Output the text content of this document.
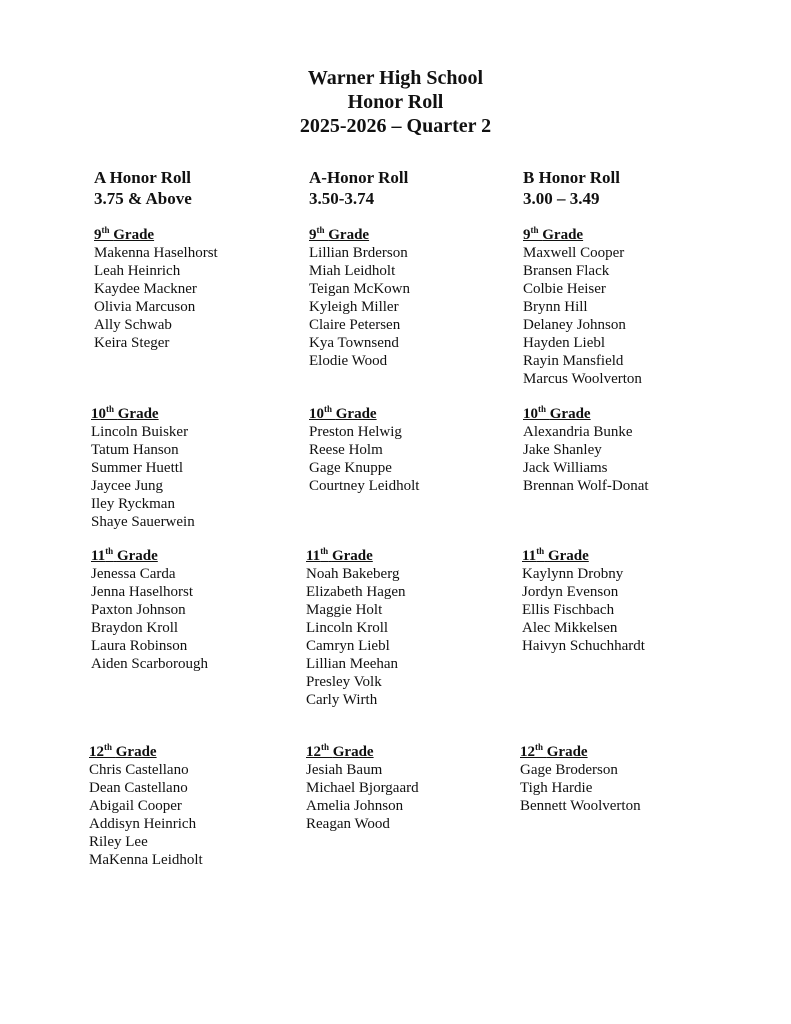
Warner High School
Honor Roll
2025-2026 – Quarter 2
A Honor Roll
3.75 & Above
9th Grade
Makenna Haselhorst
Leah Heinrich
Kaydee Mackner
Olivia Marcuson
Ally Schwab
Keira Steger
10th Grade
Lincoln Buisker
Tatum Hanson
Summer Huettl
Jaycee Jung
Iley Ryckman
Shaye Sauerwein
11th Grade
Jenessa Carda
Jenna Haselhorst
Paxton Johnson
Braydon Kroll
Laura Robinson
Aiden Scarborough
12th Grade
Chris Castellano
Dean Castellano
Abigail Cooper
Addisyn Heinrich
Riley Lee
MaKenna Leidholt
A-Honor Roll
3.50-3.74
9th Grade
Lillian Brderson
Miah Leidholt
Teigan McKown
Kyleigh Miller
Claire Petersen
Kya Townsend
Elodie Wood
10th Grade
Preston Helwig
Reese Holm
Gage Knuppe
Courtney Leidholt
11th Grade
Noah Bakeberg
Elizabeth Hagen
Maggie Holt
Lincoln Kroll
Camryn Liebl
Lillian Meehan
Presley Volk
Carly Wirth
12th Grade
Jesiah Baum
Michael Bjorgaard
Amelia Johnson
Reagan Wood
B Honor Roll
3.00 – 3.49
9th Grade
Maxwell Cooper
Bransen Flack
Colbie Heiser
Brynn Hill
Delaney Johnson
Hayden Liebl
Rayin Mansfield
Marcus Woolverton
10th Grade
Alexandria Bunke
Jake Shanley
Jack Williams
Brennan Wolf-Donat
11th Grade
Kaylynn Drobny
Jordyn Evenson
Ellis Fischbach
Alec Mikkelsen
Haivyn Schuchhardt
12th Grade
Gage Broderson
Tigh Hardie
Bennett Woolverton
